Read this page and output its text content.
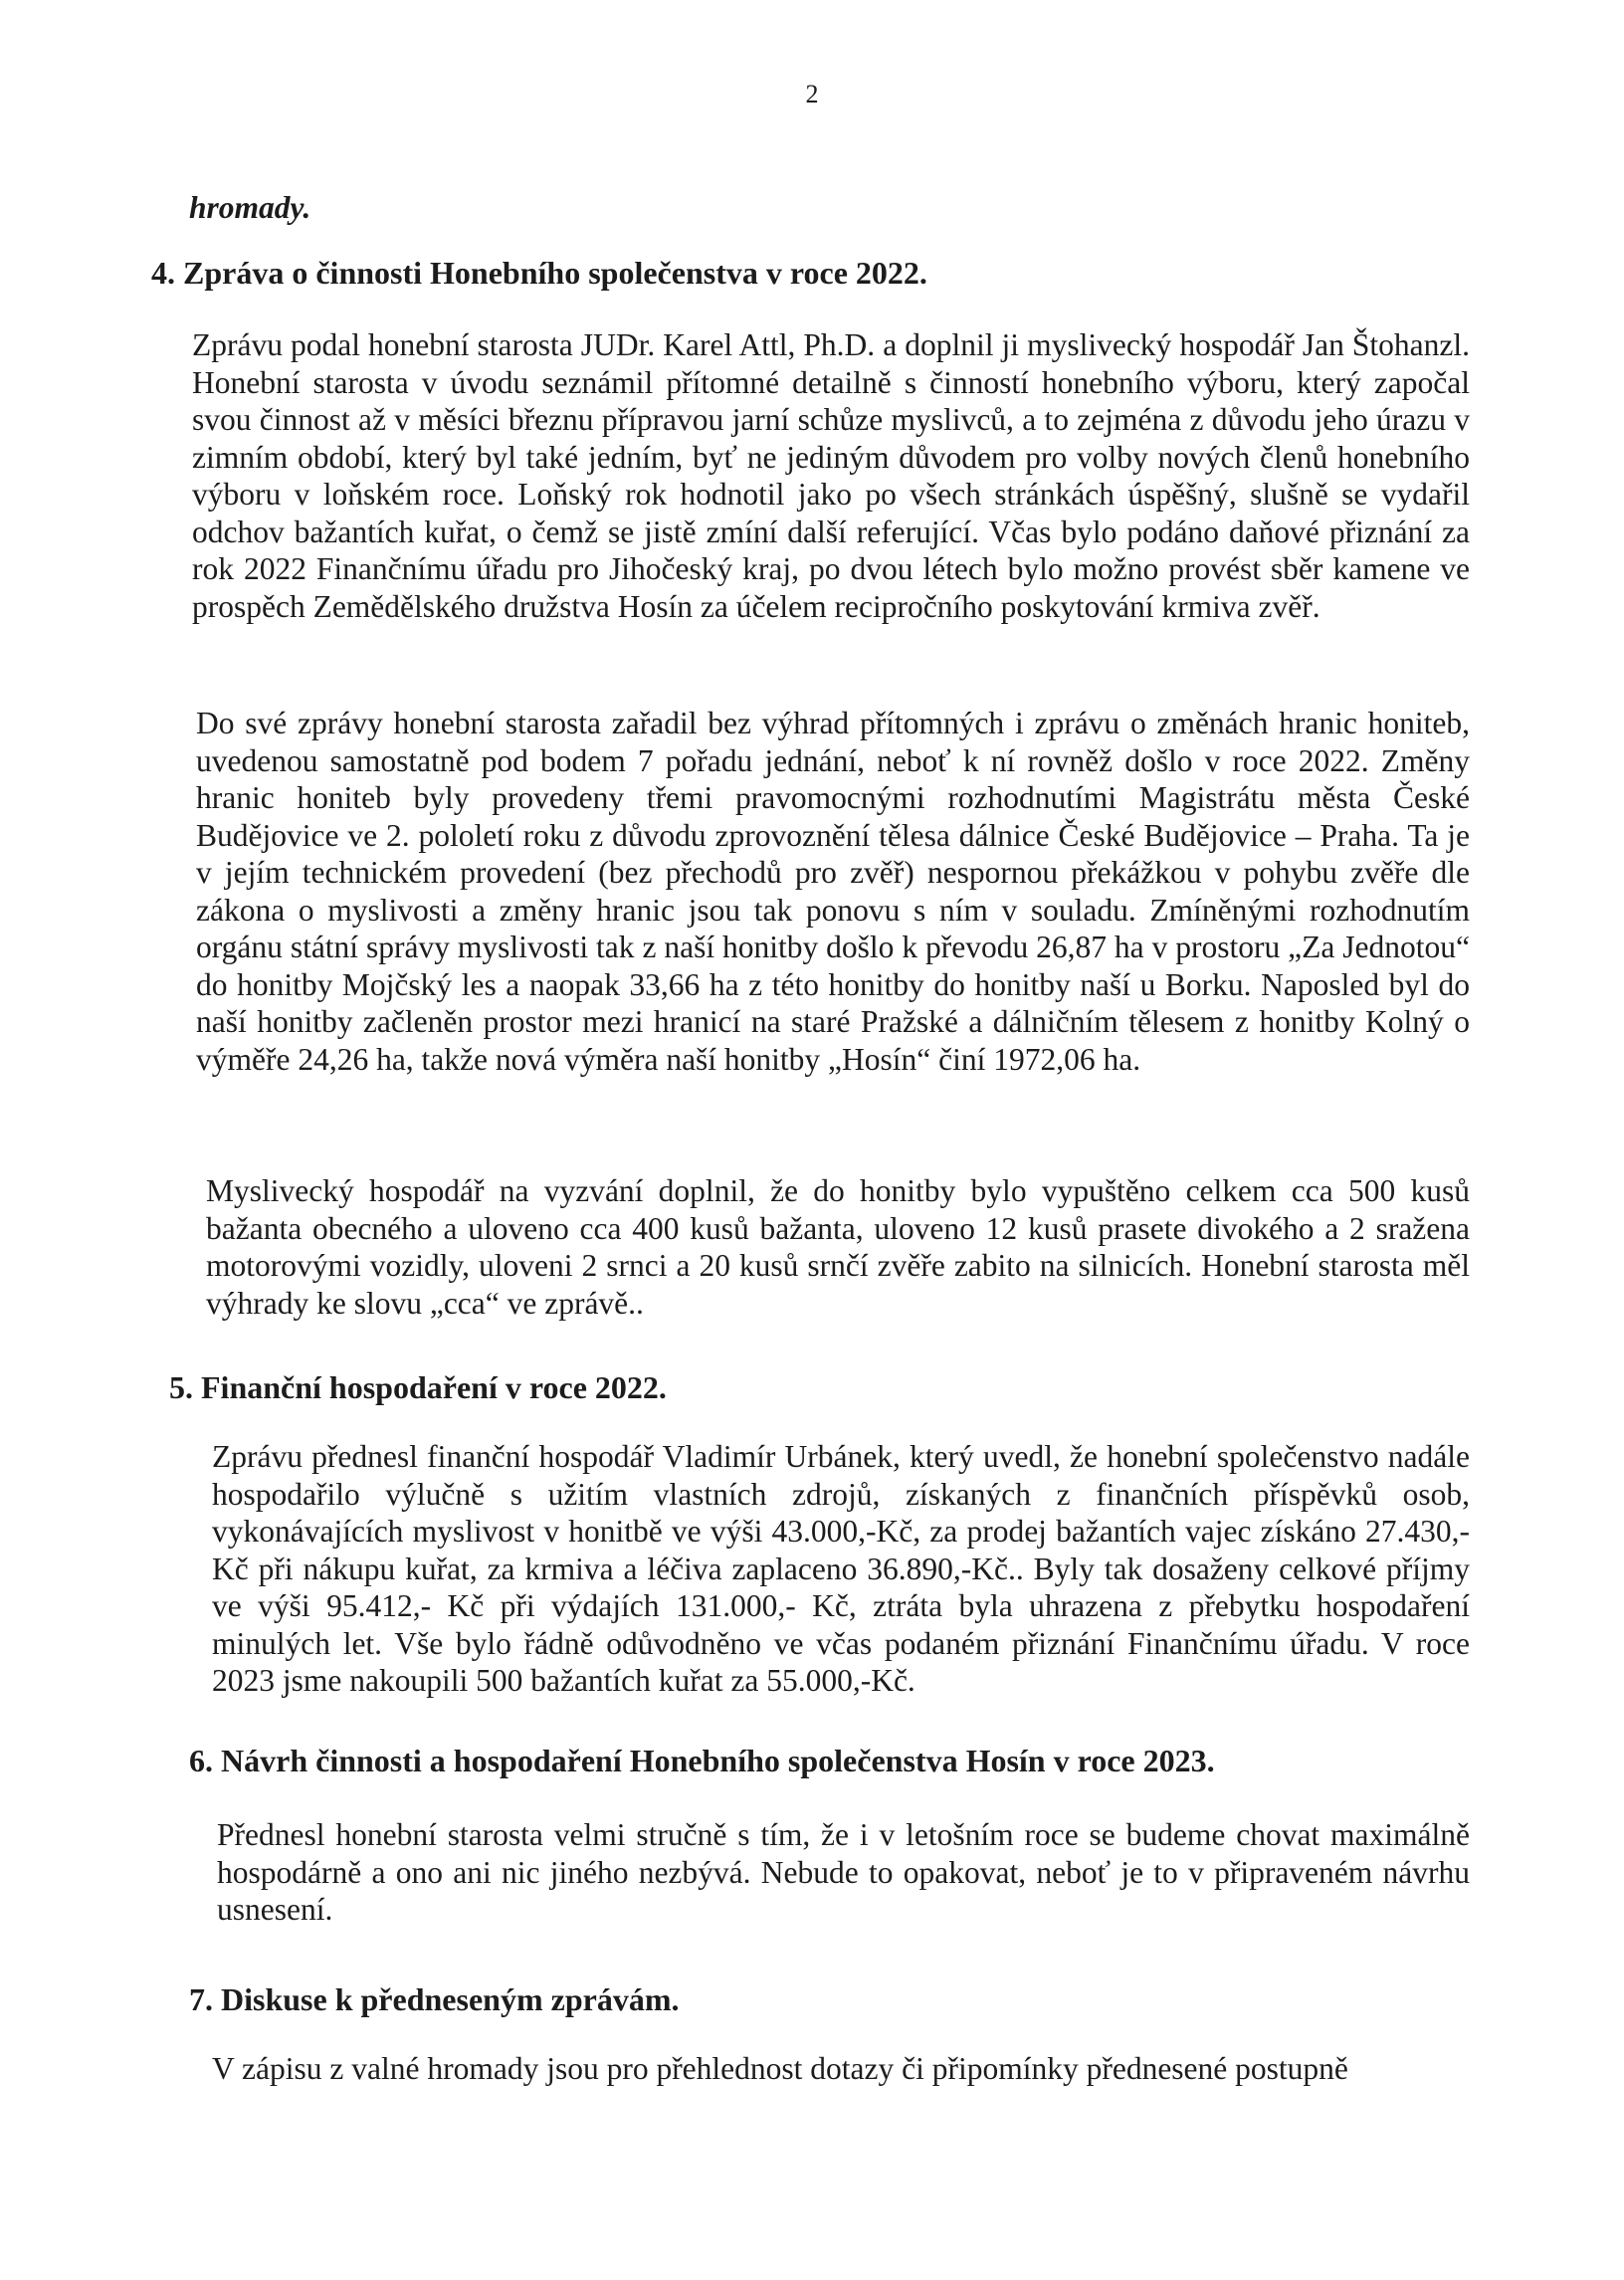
2

hromady.

4. Zpráva o činnosti Honebního společenstva v roce 2022.

Zprávu podal honební starosta JUDr. Karel Attl, Ph.D. a doplnil ji myslivecký hospodář Jan Štohanzl. Honební starosta v úvodu seznámil přítomné detailně s činností honebního výboru, který započal svou činnost až v měsíci březnu přípravou jarní schůze myslivců, a to zejména z důvodu jeho úrazu v zimním období, který byl také jedním, byť ne jediným důvodem pro volby nových členů honebního výboru v loňském roce. Loňský rok hodnotil jako po všech stránkách úspěšný, slušně se vydařil odchov bažantích kuřat, o čemž se jistě zmíní další referující. Včas bylo podáno daňové přiznání za rok 2022 Finančnímu úřadu pro Jihočeský kraj, po dvou létech bylo možno provést sběr kamene ve prospěch Zemědělského družstva Hosín za účelem recipročního poskytování krmiva zvěř.

Do své zprávy honební starosta zařadil bez výhrad přítomných i zprávu o změnách hranic honiteb, uvedenou samostatně pod bodem 7 pořadu jednání, neboť k ní rovněž došlo v roce 2022. Změny hranic honiteb byly provedeny třemi pravomocnými rozhodnutími Magistrátu města České Budějovice ve 2. pololetí roku z důvodu zprovoznění tělesa dálnice České Budějovice – Praha. Ta je v jejím technickém provedení (bez přechodů pro zvěř) nespornou překážkou v pohybu zvěře dle zákona o myslivosti a změny hranic jsou tak ponovu s ním v souladu. Zmíněnými rozhodnutím orgánu státní správy myslivosti tak z naší honitby došlo k převodu 26,87 ha v prostoru „Za Jednotou“ do honitby Mojčský les a naopak 33,66 ha z této honitby do honitby naší u Borku. Naposled byl do naší honitby začleněn prostor mezi hranicí na staré Pražské a dálničním tělesem z honitby Kolný o výměře 24,26 ha, takže nová výměra naší honitby „Hosín“ činí 1972,06 ha.

Myslivecký hospodář na vyzvání doplnil, že do honitby bylo vypuštěno celkem cca 500 kusů bažanta obecného a uloveno cca 400 kusů bažanta, uloveno 12 kusů prasete divokého a 2 sražena motorovými vozidly, uloveni 2 srnci a 20 kusů srnčí zvěře zabito na silnicích. Honební starosta měl výhrady ke slovu „cca“ ve zprávě..

5. Finanční hospodaření v roce 2022.

Zprávu přednesl finanční hospodář Vladimír Urbánek, který uvedl, že honební společenstvo nadále hospodařilo výlučně s užitím vlastních zdrojů, získaných z finančních příspěvků osob, vykonávajících myslivost v honitbě ve výši 43.000,-Kč, za prodej bažantích vajec získáno 27.430,-Kč při nákupu kuřat, za krmiva a léčiva zaplaceno 36.890,-Kč.. Byly tak dosaženy celkové příjmy ve výši 95.412,- Kč při výdajích 131.000,- Kč, ztráta byla uhrazena z přebytku hospodaření minulých let. Vše bylo řádně odůvodněno ve včas podaném přiznání Finančnímu úřadu. V roce 2023 jsme nakoupili 500 bažantích kuřat za 55.000,-Kč.

6. Návrh činnosti a hospodaření Honebního společenstva Hosín v roce 2023.

Přednesl honební starosta velmi stručně s tím, že i v letošním roce se budeme chovat maximálně hospodárně a ono ani nic jiného nezbývá. Nebude to opakovat, neboť je to v připraveném návrhu usnesení.

7. Diskuse k předneseným zprávám.

V zápisu z valné hromady jsou pro přehlednost dotazy či připomínky přednesené postupně
